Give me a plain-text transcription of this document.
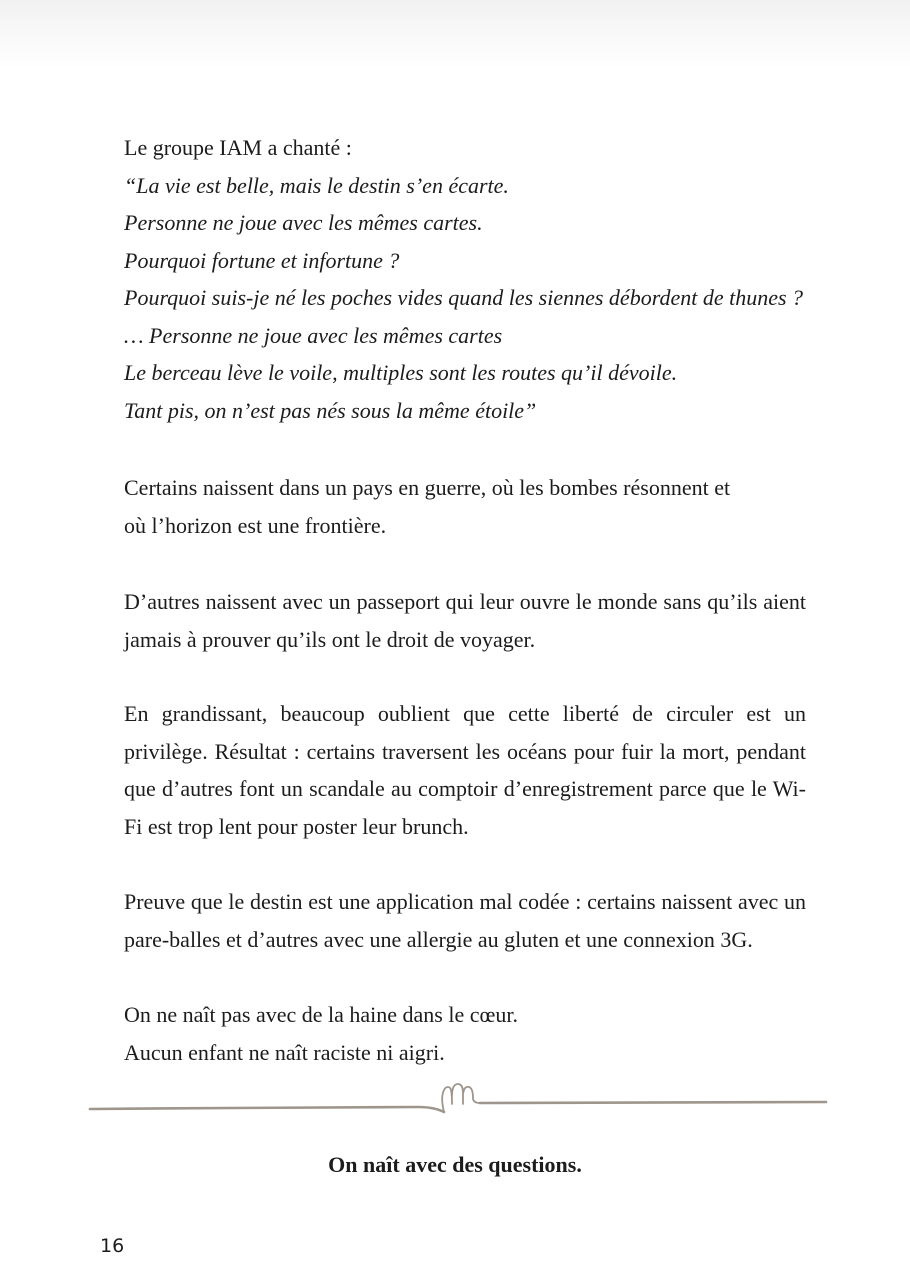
Le groupe IAM a chanté :

“La vie est belle, mais le destin s’en écarte.

Personne ne joue avec les mêmes cartes.

Pourquoi fortune et infortune ?

Pourquoi suis-je né les poches vides quand les siennes débordent de thunes ?

… Personne ne joue avec les mêmes cartes

Le berceau lève le voile, multiples sont les routes qu’il dévoile.

Tant pis, on n’est pas nés sous la même étoile”

Certains naissent dans un pays en guerre, où les bombes résonnent et où l’horizon est une frontière.

D’autres naissent avec un passeport qui leur ouvre le monde sans qu’ils aient jamais à prouver qu’ils ont le droit de voyager.

En grandissant, beaucoup oublient que cette liberté de circuler est un privilège. Résultat : certains traversent les océans pour fuir la mort, pendant que d’autres font un scandale au comptoir d’enregistrement parce que le Wi-Fi est trop lent pour poster leur brunch.

Preuve que le destin est une application mal codée : certains naissent avec un pare-balles et d’autres avec une allergie au gluten et une connexion 3G.

On ne naît pas avec de la haine dans le cœur.

Aucun enfant ne naît raciste ni aigri.

On naît avec des questions.
16
